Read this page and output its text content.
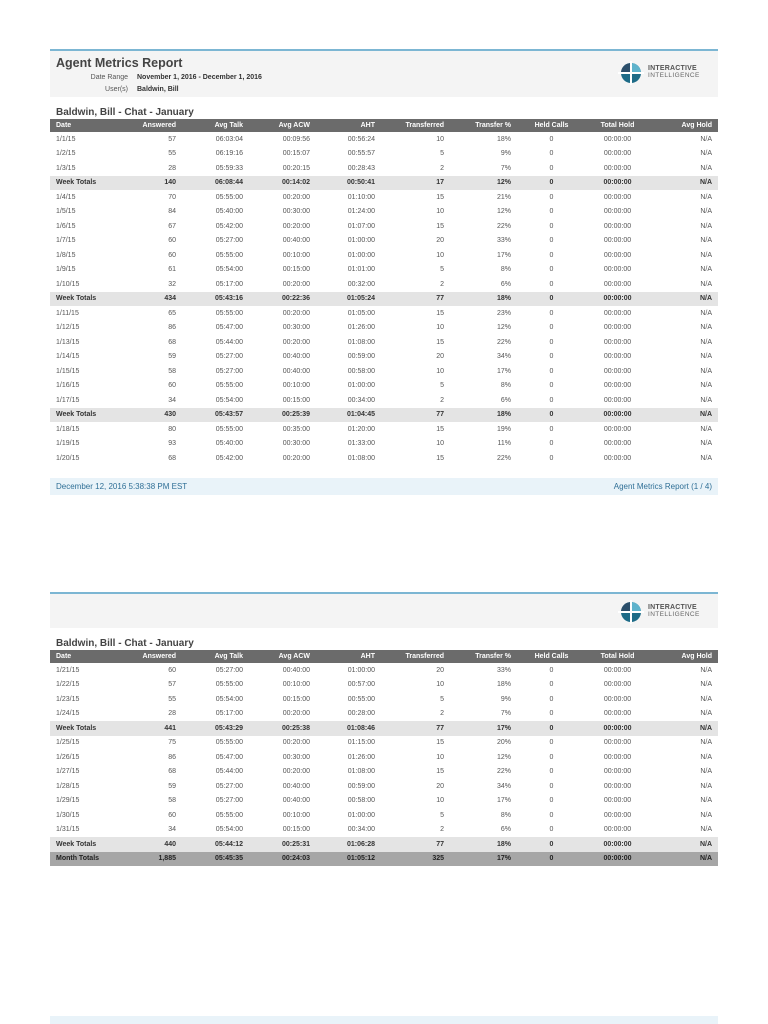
Agent Metrics Report
Date Range November 1, 2016 - December 1, 2016
User(s) Baldwin, Bill
INTERACTIVE
INTELLIGENCE
Baldwin, Bill - Chat - January
Date	Answered	Avg Talk	Avg ACW	AHT	Transferred	Transfer %	Held Calls	Total Hold	Avg Hold
1/1/15	57	06:03:04	00:09:56	00:56:24	10	18%	0	00:00:00	N/A
1/2/15	55	06:19:16	00:15:07	00:55:57	5	9%	0	00:00:00	N/A
1/3/15	28	05:59:33	00:20:15	00:28:43	2	7%	0	00:00:00	N/A
Week Totals	140	06:08:44	00:14:02	00:50:41	17	12%	0	00:00:00	N/A
1/4/15	70	05:55:00	00:20:00	01:10:00	15	21%	0	00:00:00	N/A
1/5/15	84	05:40:00	00:30:00	01:24:00	10	12%	0	00:00:00	N/A
1/6/15	67	05:42:00	00:20:00	01:07:00	15	22%	0	00:00:00	N/A
1/7/15	60	05:27:00	00:40:00	01:00:00	20	33%	0	00:00:00	N/A
1/8/15	60	05:55:00	00:10:00	01:00:00	10	17%	0	00:00:00	N/A
1/9/15	61	05:54:00	00:15:00	01:01:00	5	8%	0	00:00:00	N/A
1/10/15	32	05:17:00	00:20:00	00:32:00	2	6%	0	00:00:00	N/A
Week Totals	434	05:43:16	00:22:36	01:05:24	77	18%	0	00:00:00	N/A
1/11/15	65	05:55:00	00:20:00	01:05:00	15	23%	0	00:00:00	N/A
1/12/15	86	05:47:00	00:30:00	01:26:00	10	12%	0	00:00:00	N/A
1/13/15	68	05:44:00	00:20:00	01:08:00	15	22%	0	00:00:00	N/A
1/14/15	59	05:27:00	00:40:00	00:59:00	20	34%	0	00:00:00	N/A
1/15/15	58	05:27:00	00:40:00	00:58:00	10	17%	0	00:00:00	N/A
1/16/15	60	05:55:00	00:10:00	01:00:00	5	8%	0	00:00:00	N/A
1/17/15	34	05:54:00	00:15:00	00:34:00	2	6%	0	00:00:00	N/A
Week Totals	430	05:43:57	00:25:39	01:04:45	77	18%	0	00:00:00	N/A
1/18/15	80	05:55:00	00:35:00	01:20:00	15	19%	0	00:00:00	N/A
1/19/15	93	05:40:00	00:30:00	01:33:00	10	11%	0	00:00:00	N/A
1/20/15	68	05:42:00	00:20:00	01:08:00	15	22%	0	00:00:00	N/A
December 12, 2016 5:38:38 PM EST	Agent Metrics Report (1 / 4)
INTERACTIVE
INTELLIGENCE
Baldwin, Bill - Chat - January
Date	Answered	Avg Talk	Avg ACW	AHT	Transferred	Transfer %	Held Calls	Total Hold	Avg Hold
1/21/15	60	05:27:00	00:40:00	01:00:00	20	33%	0	00:00:00	N/A
1/22/15	57	05:55:00	00:10:00	00:57:00	10	18%	0	00:00:00	N/A
1/23/15	55	05:54:00	00:15:00	00:55:00	5	9%	0	00:00:00	N/A
1/24/15	28	05:17:00	00:20:00	00:28:00	2	7%	0	00:00:00	N/A
Week Totals	441	05:43:29	00:25:38	01:08:46	77	17%	0	00:00:00	N/A
1/25/15	75	05:55:00	00:20:00	01:15:00	15	20%	0	00:00:00	N/A
1/26/15	86	05:47:00	00:30:00	01:26:00	10	12%	0	00:00:00	N/A
1/27/15	68	05:44:00	00:20:00	01:08:00	15	22%	0	00:00:00	N/A
1/28/15	59	05:27:00	00:40:00	00:59:00	20	34%	0	00:00:00	N/A
1/29/15	58	05:27:00	00:40:00	00:58:00	10	17%	0	00:00:00	N/A
1/30/15	60	05:55:00	00:10:00	01:00:00	5	8%	0	00:00:00	N/A
1/31/15	34	05:54:00	00:15:00	00:34:00	2	6%	0	00:00:00	N/A
Week Totals	440	05:44:12	00:25:31	01:06:28	77	18%	0	00:00:00	N/A
Month Totals	1,885	05:45:35	00:24:03	01:05:12	325	17%	0	00:00:00	N/A
